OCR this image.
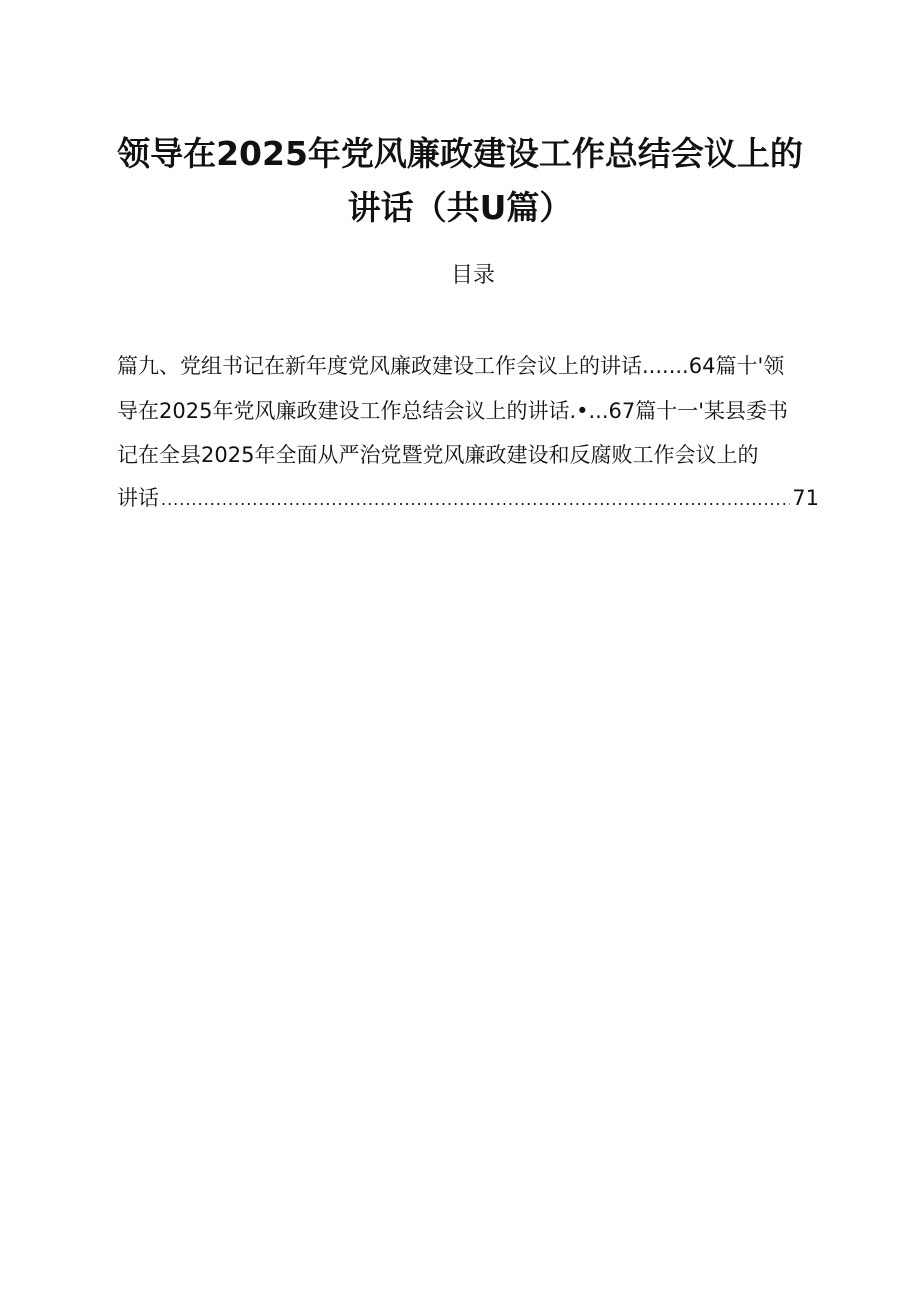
领导在2025年党风廉政建设工作总结会议上的
讲话（共U篇）
目录
篇九、党组书记在新年度党风廉政建设工作会议上的讲话.......64篇十'领
导在2025年党风廉政建设工作总结会议上的讲话.•...67篇十一'某县委书
记在全县2025年全面从严治党暨党风廉政建设和反腐败工作会议上的
讲话
.....	71
